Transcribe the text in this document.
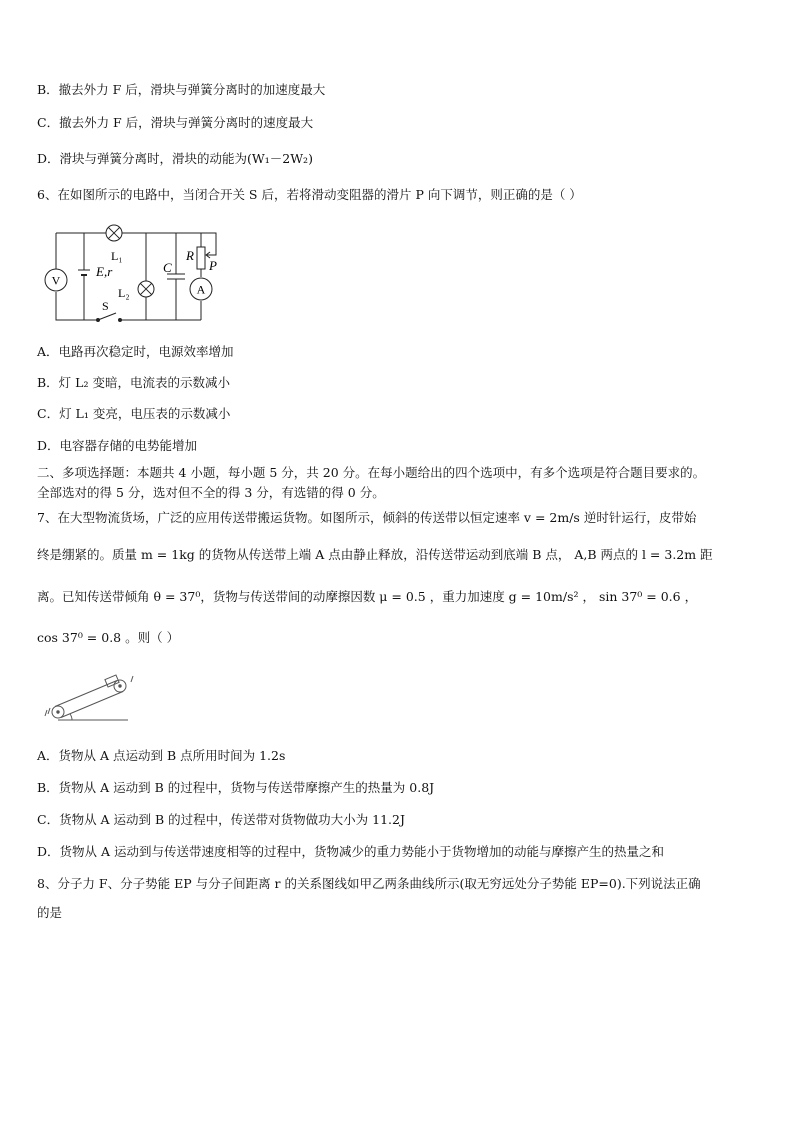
B．撤去外力 F 后，滑块与弹簧分离时的加速度最大
C．撤去外力 F 后，滑块与弹簧分离时的速度最大
D．滑块与弹簧分离时，滑块的动能为(W₁－2W₂)
6、在如图所示的电路中，当闭合开关 S 后，若将滑动变阻器的滑片 P 向下调节，则正确的是（ ）
V
L₁
L₂
E,r
S
C
R
P
A
A．电路再次稳定时，电源效率增加
B．灯 L₂ 变暗，电流表的示数减小
C．灯 L₁ 变亮，电压表的示数减小
D．电容器存储的电势能增加
二、多项选择题：本题共 4 小题，每小题 5 分，共 20 分。在每小题给出的四个选项中，有多个选项是符合题目要求的。
全部选对的得 5 分，选对但不全的得 3 分，有选错的得 0 分。
7、在大型物流货场，广泛的应用传送带搬运货物。如图所示，倾斜的传送带以恒定速率 v = 2m/s 逆时针运行，皮带始
终是绷紧的。质量 m = 1kg 的货物从传送带上端 A 点由静止释放，沿传送带运动到底端 B 点， A,B 两点的 l = 3.2m 距
离。已知传送带倾角 θ = 37⁰，货物与传送带间的动摩擦因数 μ = 0.5 ，重力加速度 g = 10m/s² ， sin 37⁰ = 0.6 ，
cos 37⁰ = 0.8 。则（ ）
A．货物从 A 点运动到 B 点所用时间为 1.2s
B．货物从 A 运动到 B 的过程中，货物与传送带摩擦产生的热量为 0.8J
C．货物从 A 运动到 B 的过程中，传送带对货物做功大小为 11.2J
D．货物从 A 运动到与传送带速度相等的过程中，货物减少的重力势能小于货物增加的动能与摩擦产生的热量之和
8、分子力 F、分子势能 EP 与分子间距离 r 的关系图线如甲乙两条曲线所示(取无穷远处分子势能 EP=0).下列说法正确
的是
